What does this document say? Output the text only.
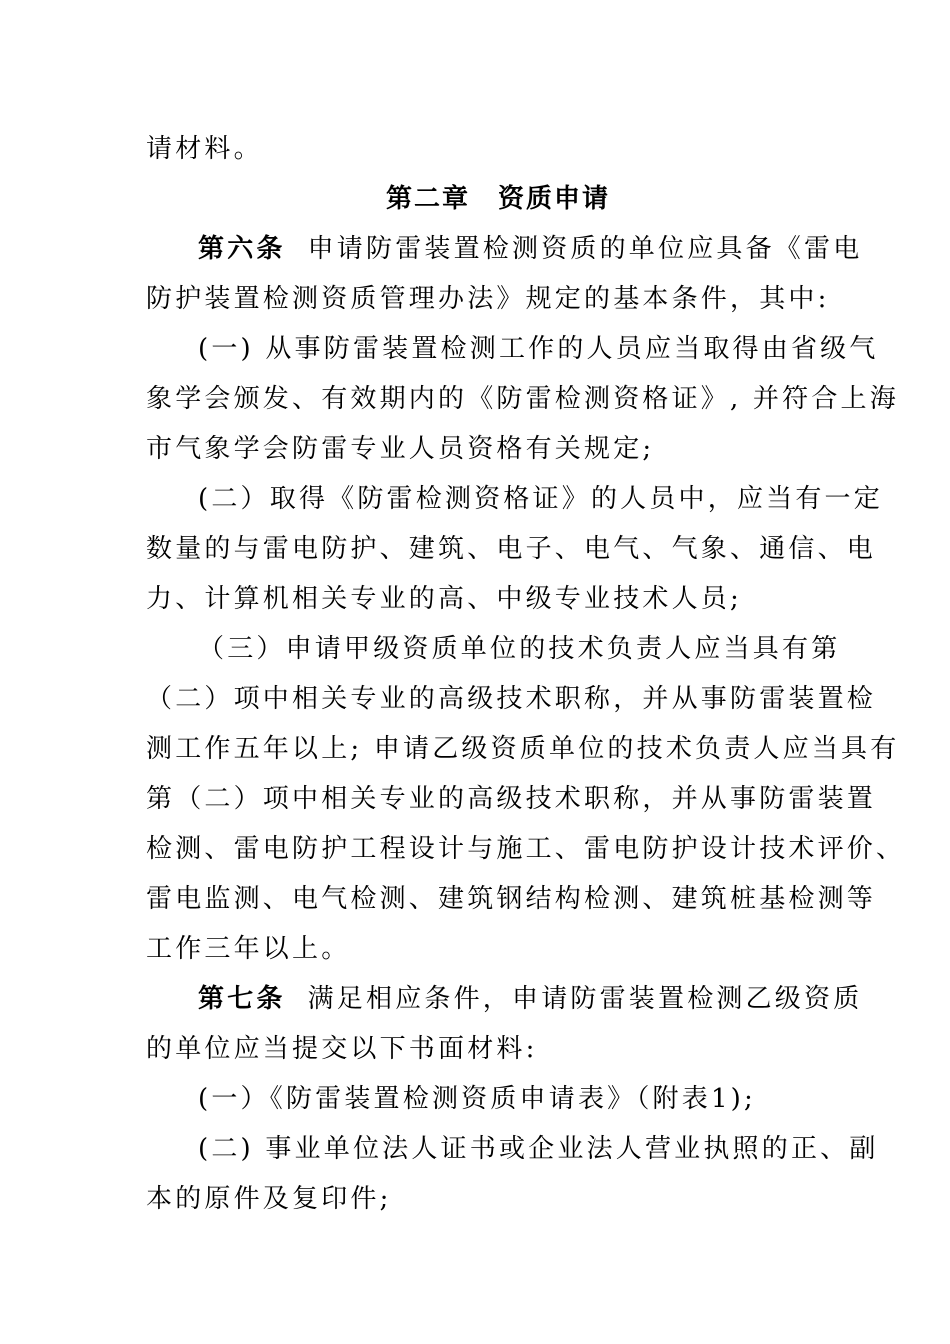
请材料。
第二章　资质申请
第六条 申请防雷装置检测资质的单位应具备《雷电
防护装置检测资质管理办法》规定的基本条件，其中:
(一) 从事防雷装置检测工作的人员应当取得由省级气
象学会颁发、有效期内的《防雷检测资格证》, 并符合上海
市气象学会防雷专业人员资格有关规定;
(二）取得《防雷检测资格证》的人员中，应当有一定
数量的与雷电防护、建筑、电子、电气、气象、通信、电
力、计算机相关专业的高、中级专业技术人员;
（三）申请甲级资质单位的技术负责人应当具有第
（二）项中相关专业的高级技术职称，并从事防雷装置检
测工作五年以上; 申请乙级资质单位的技术负责人应当具有
第（二）项中相关专业的高级技术职称，并从事防雷装置
检测、雷电防护工程设计与施工、雷电防护设计技术评价、
雷电监测、电气检测、建筑钢结构检测、建筑桩基检测等
工作三年以上。
第七条 满足相应条件，申请防雷装置检测乙级资质
的单位应当提交以下书面材料:
(一）《防雷装置检测资质申请表》（附表1);
(二) 事业单位法人证书或企业法人营业执照的正、副
本的原件及复印件;
